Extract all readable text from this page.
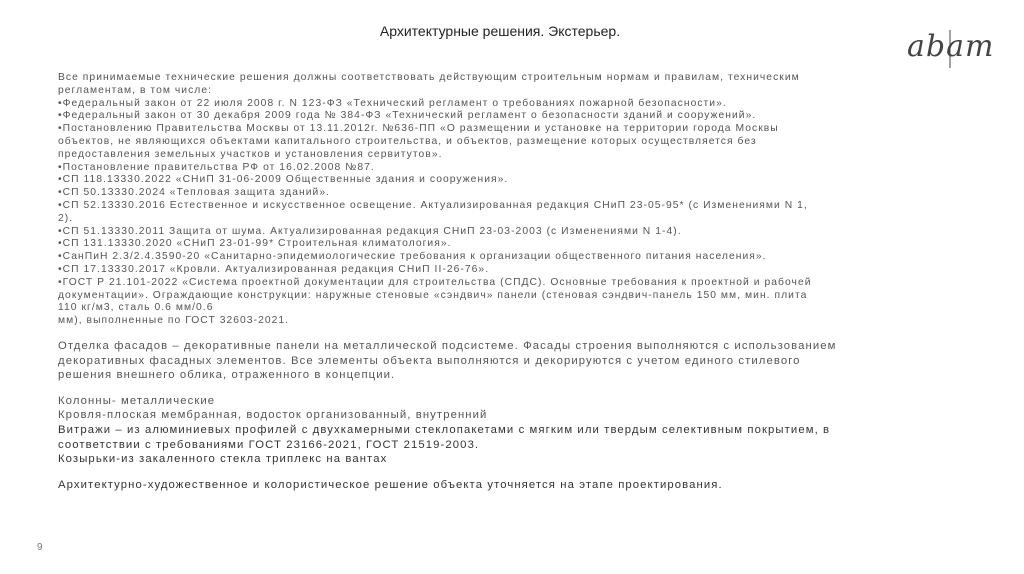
Архитектурные решения. Экстерьер.	abam
Все принимаемые технические решения должны соответствовать действующим строительным нормам и правилам, техническим
регламентам, в том числе:
•Федеральный закон от 22 июля 2008 г. N 123-ФЗ «Технический регламент о требованиях пожарной безопасности».
•Федеральный закон от 30 декабря 2009 года № 384-ФЗ «Технический регламент о безопасности зданий и сооружений».
•Постановлению Правительства Москвы от 13.11.2012г. №636-ПП «О размещении и установке на территории города Москвы
объектов, не являющихся объектами капитального строительства, и объектов, размещение которых осуществляется без
предоставления земельных участков и установления сервитутов».
•Постановление правительства РФ от 16.02.2008 №87.
•СП 118.13330.2022 «СНиП 31-06-2009 Общественные здания и сооружения».
•СП 50.13330.2024 «Тепловая защита зданий».
•СП 52.13330.2016 Естественное и искусственное освещение. Актуализированная редакция СНиП 23-05-95* (с Изменениями N 1,
2).
•СП 51.13330.2011 Защита от шума. Актуализированная редакция СНиП 23-03-2003 (с Изменениями N 1-4).
•СП 131.13330.2020 «СНиП 23-01-99* Строительная климатология».
•СанПиН 2.3/2.4.3590-20 «Санитарно-эпидемиологические требования к организации общественного питания населения».
•СП 17.13330.2017 «Кровли. Актуализированная редакция СНиП II-26-76».
•ГОСТ Р 21.101-2022 «Система проектной документации для строительства (СПДС). Основные требования к проектной и рабочей
документации». Ограждающие конструкции: наружные стеновые «сэндвич» панели (стеновая сэндвич-панель 150 мм, мин. плита
110 кг/м3, сталь 0.6 мм/0.6
мм), выполненные по ГОСТ 32603-2021.
Отделка фасадов – декоративные панели на металлической подсистеме. Фасады строения выполняются с использованием
декоративных фасадных элементов. Все элементы объекта выполняются и декорируются с учетом единого стилевого
решения внешнего облика, отраженного в концепции.
Колонны- металлические
Кровля-плоская мембранная, водосток организованный, внутренний
Витражи – из алюминиевых профилей с двухкамерными стеклопакетами с мягким или твердым селективным покрытием, в
соответствии с требованиями ГОСТ 23166-2021, ГОСТ 21519-2003.
Козырьки-из закаленного стекла триплекс на вантах
Архитектурно-художественное и колористическое решение объекта уточняется на этапе проектирования.
9
